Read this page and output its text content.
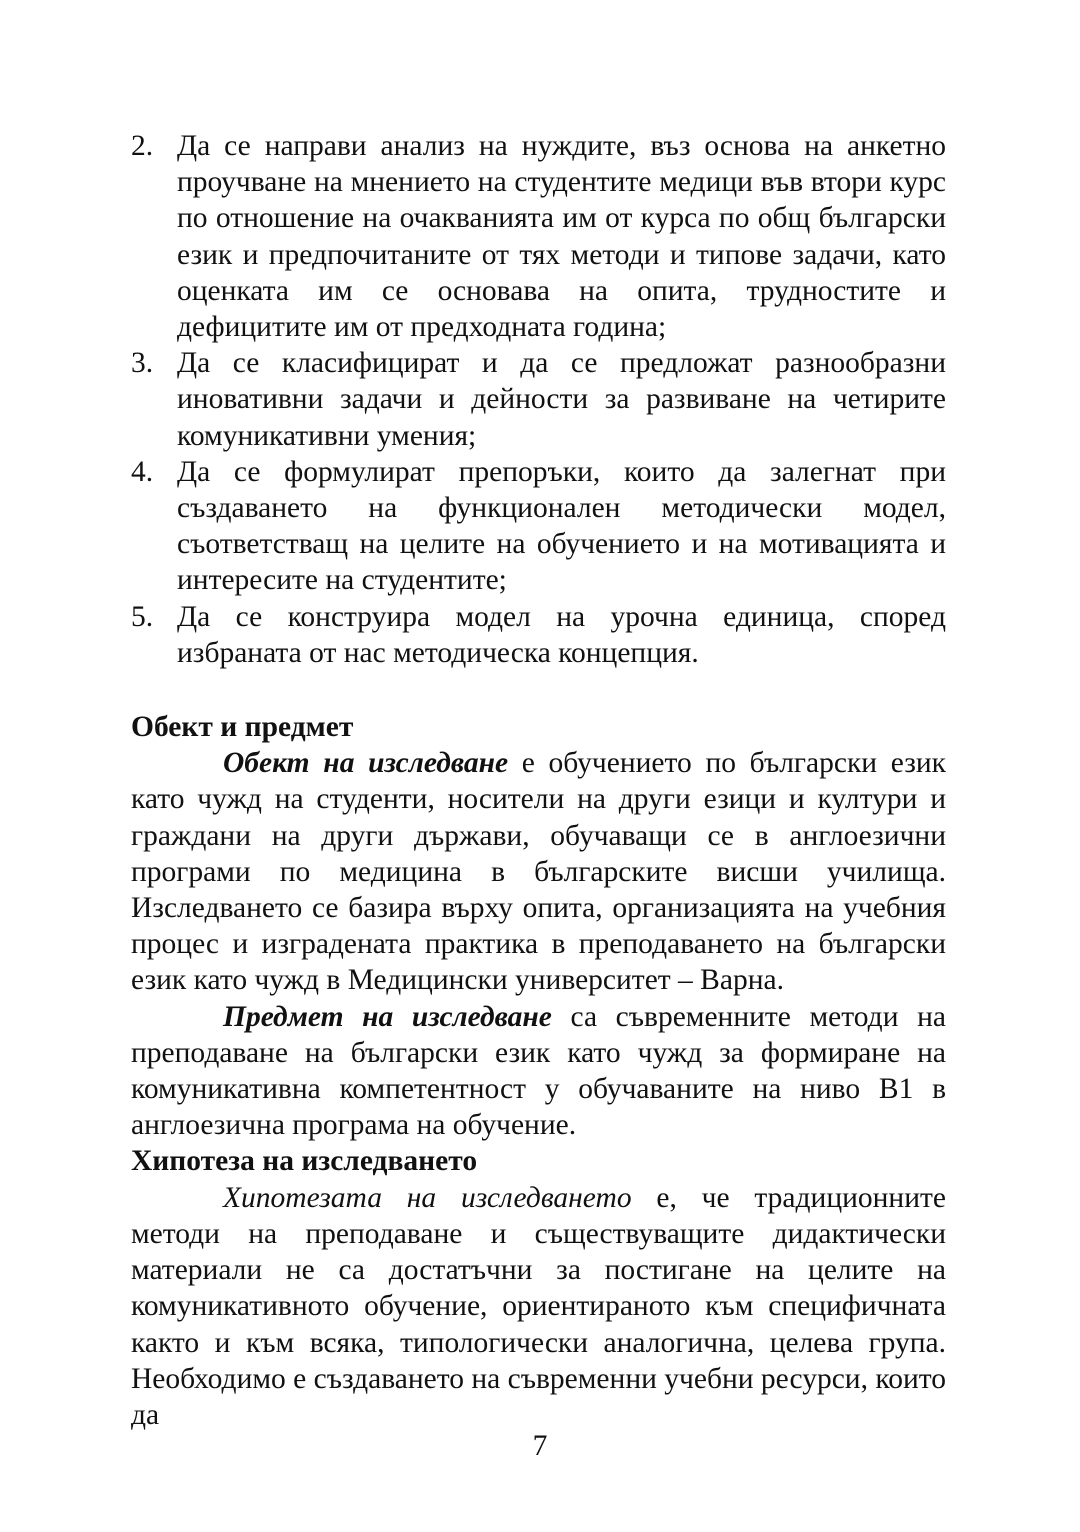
2. Да се направи анализ на нуждите, въз основа на анкетно проучване на мнението на студентите медици във втори курс по отношение на очакванията им от курса по общ български език и предпочитаните от тях методи и типове задачи, като оценката им се основава на опита, трудностите и дефицитите им от предходната година;
3. Да се класифицират и да се предложат разнообразни иновативни задачи и дейности за развиване на четирите комуникативни умения;
4. Да се формулират препоръки, които да залегнат при създаването на функционален методически модел, съответстващ на целите на обучението и на мотивацията и интересите на студентите;
5. Да се конструира модел на урочна единица, според избраната от нас методическа концепция.
Обект и предмет

Обект на изследване е обучението по български език като чужд на студенти, носители на други езици и култури и граждани на други държави, обучаващи се в англоезични програми по медицина в българските висши училища. Изследването се базира върху опита, организацията на учебния процес и изградената практика в преподаването на български език като чужд в Медицински университет – Варна.

Предмет на изследване са съвременните методи на преподаване на български език като чужд за формиране на комуникативна компетентност у обучаваните на ниво В1 в англоезична програма на обучение.

Хипотеза на изследването

Хипотезата на изследването е, че традиционните методи на преподаване и съществуващите дидактически материали не са достатъчни за постигане на целите на комуникативното обучение, ориентираното към специфичната както и към всяка, типологически аналогична, целева група. Необходимо е създаването на съвременни учебни ресурси, които да

7
